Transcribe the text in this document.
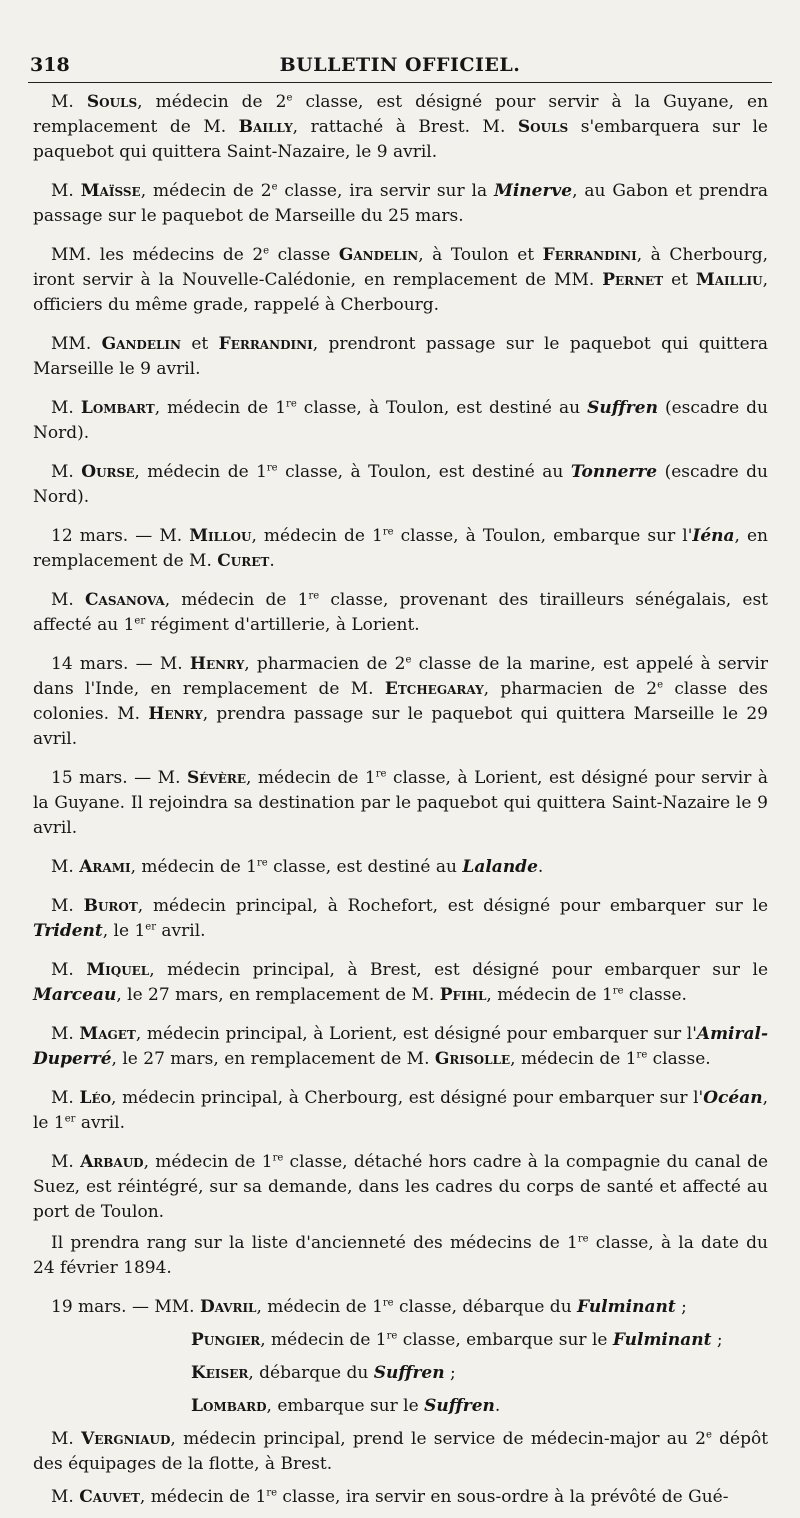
318	BULLETIN OFFICIEL.

M. Souls, médecin de 2e classe, est désigné pour servir à la Guyane, en remplacement de M. Bailly, rattaché à Brest. M. Souls s'embarquera sur le paquebot qui quittera Saint-Nazaire, le 9 avril.

M. Maïsse, médecin de 2e classe, ira servir sur la Minerve, au Gabon et prendra passage sur le paquebot de Marseille du 25 mars.

MM. les médecins de 2e classe Gandelin, à Toulon et Ferrandini, à Cherbourg, iront servir à la Nouvelle-Calédonie, en remplacement de MM. Pernet et Mailliu, officiers du même grade, rappelé à Cherbourg.

MM. Gandelin et Ferrandini, prendront passage sur le paquebot qui quittera Marseille le 9 avril.

M. Lombart, médecin de 1re classe, à Toulon, est destiné au Suffren (escadre du Nord).

M. Ourse, médecin de 1re classe, à Toulon, est destiné au Tonnerre (escadre du Nord).

12 mars. — M. Millou, médecin de 1re classe, à Toulon, embarque sur l'Iéna, en remplacement de M. Curet.

M. Casanova, médecin de 1re classe, provenant des tirailleurs sénégalais, est affecté au 1er régiment d'artillerie, à Lorient.

14 mars. — M. Henry, pharmacien de 2e classe de la marine, est appelé à servir dans l'Inde, en remplacement de M. Etchegaray, pharmacien de 2e classe des colonies. M. Henry, prendra passage sur le paquebot qui quittera Marseille le 29 avril.

15 mars. — M. Sévère, médecin de 1re classe, à Lorient, est désigné pour servir à la Guyane. Il rejoindra sa destination par le paquebot qui quittera Saint-Nazaire le 9 avril.

M. Arami, médecin de 1re classe, est destiné au Lalande.

M. Burot, médecin principal, à Rochefort, est désigné pour embarquer sur le Trident, le 1er avril.

M. Miquel, médecin principal, à Brest, est désigné pour embarquer sur le Marceau, le 27 mars, en remplacement de M. Pfihl, médecin de 1re classe.

M. Maget, médecin principal, à Lorient, est désigné pour embarquer sur l'Amiral-Duperré, le 27 mars, en remplacement de M. Grisolle, médecin de 1re classe.

M. Léo, médecin principal, à Cherbourg, est désigné pour embarquer sur l'Océan, le 1er avril.

M. Arbaud, médecin de 1re classe, détaché hors cadre à la compagnie du canal de Suez, est réintégré, sur sa demande, dans les cadres du corps de santé et affecté au port de Toulon.

Il prendra rang sur la liste d'ancienneté des médecins de 1re classe, à la date du 24 février 1894.

19 mars. — MM. Davril, médecin de 1re classe, débarque du Fulminant ;

Pungier, médecin de 1re classe, embarque sur le Fulminant ;

Keiser, débarque du Suffren ;

Lombard, embarque sur le Suffren.

M. Vergniaud, médecin principal, prend le service de médecin-major au 2e dépôt des équipages de la flotte, à Brest.

M. Cauvet, médecin de 1re classe, ira servir en sous-ordre à la prévôté de Gué-
